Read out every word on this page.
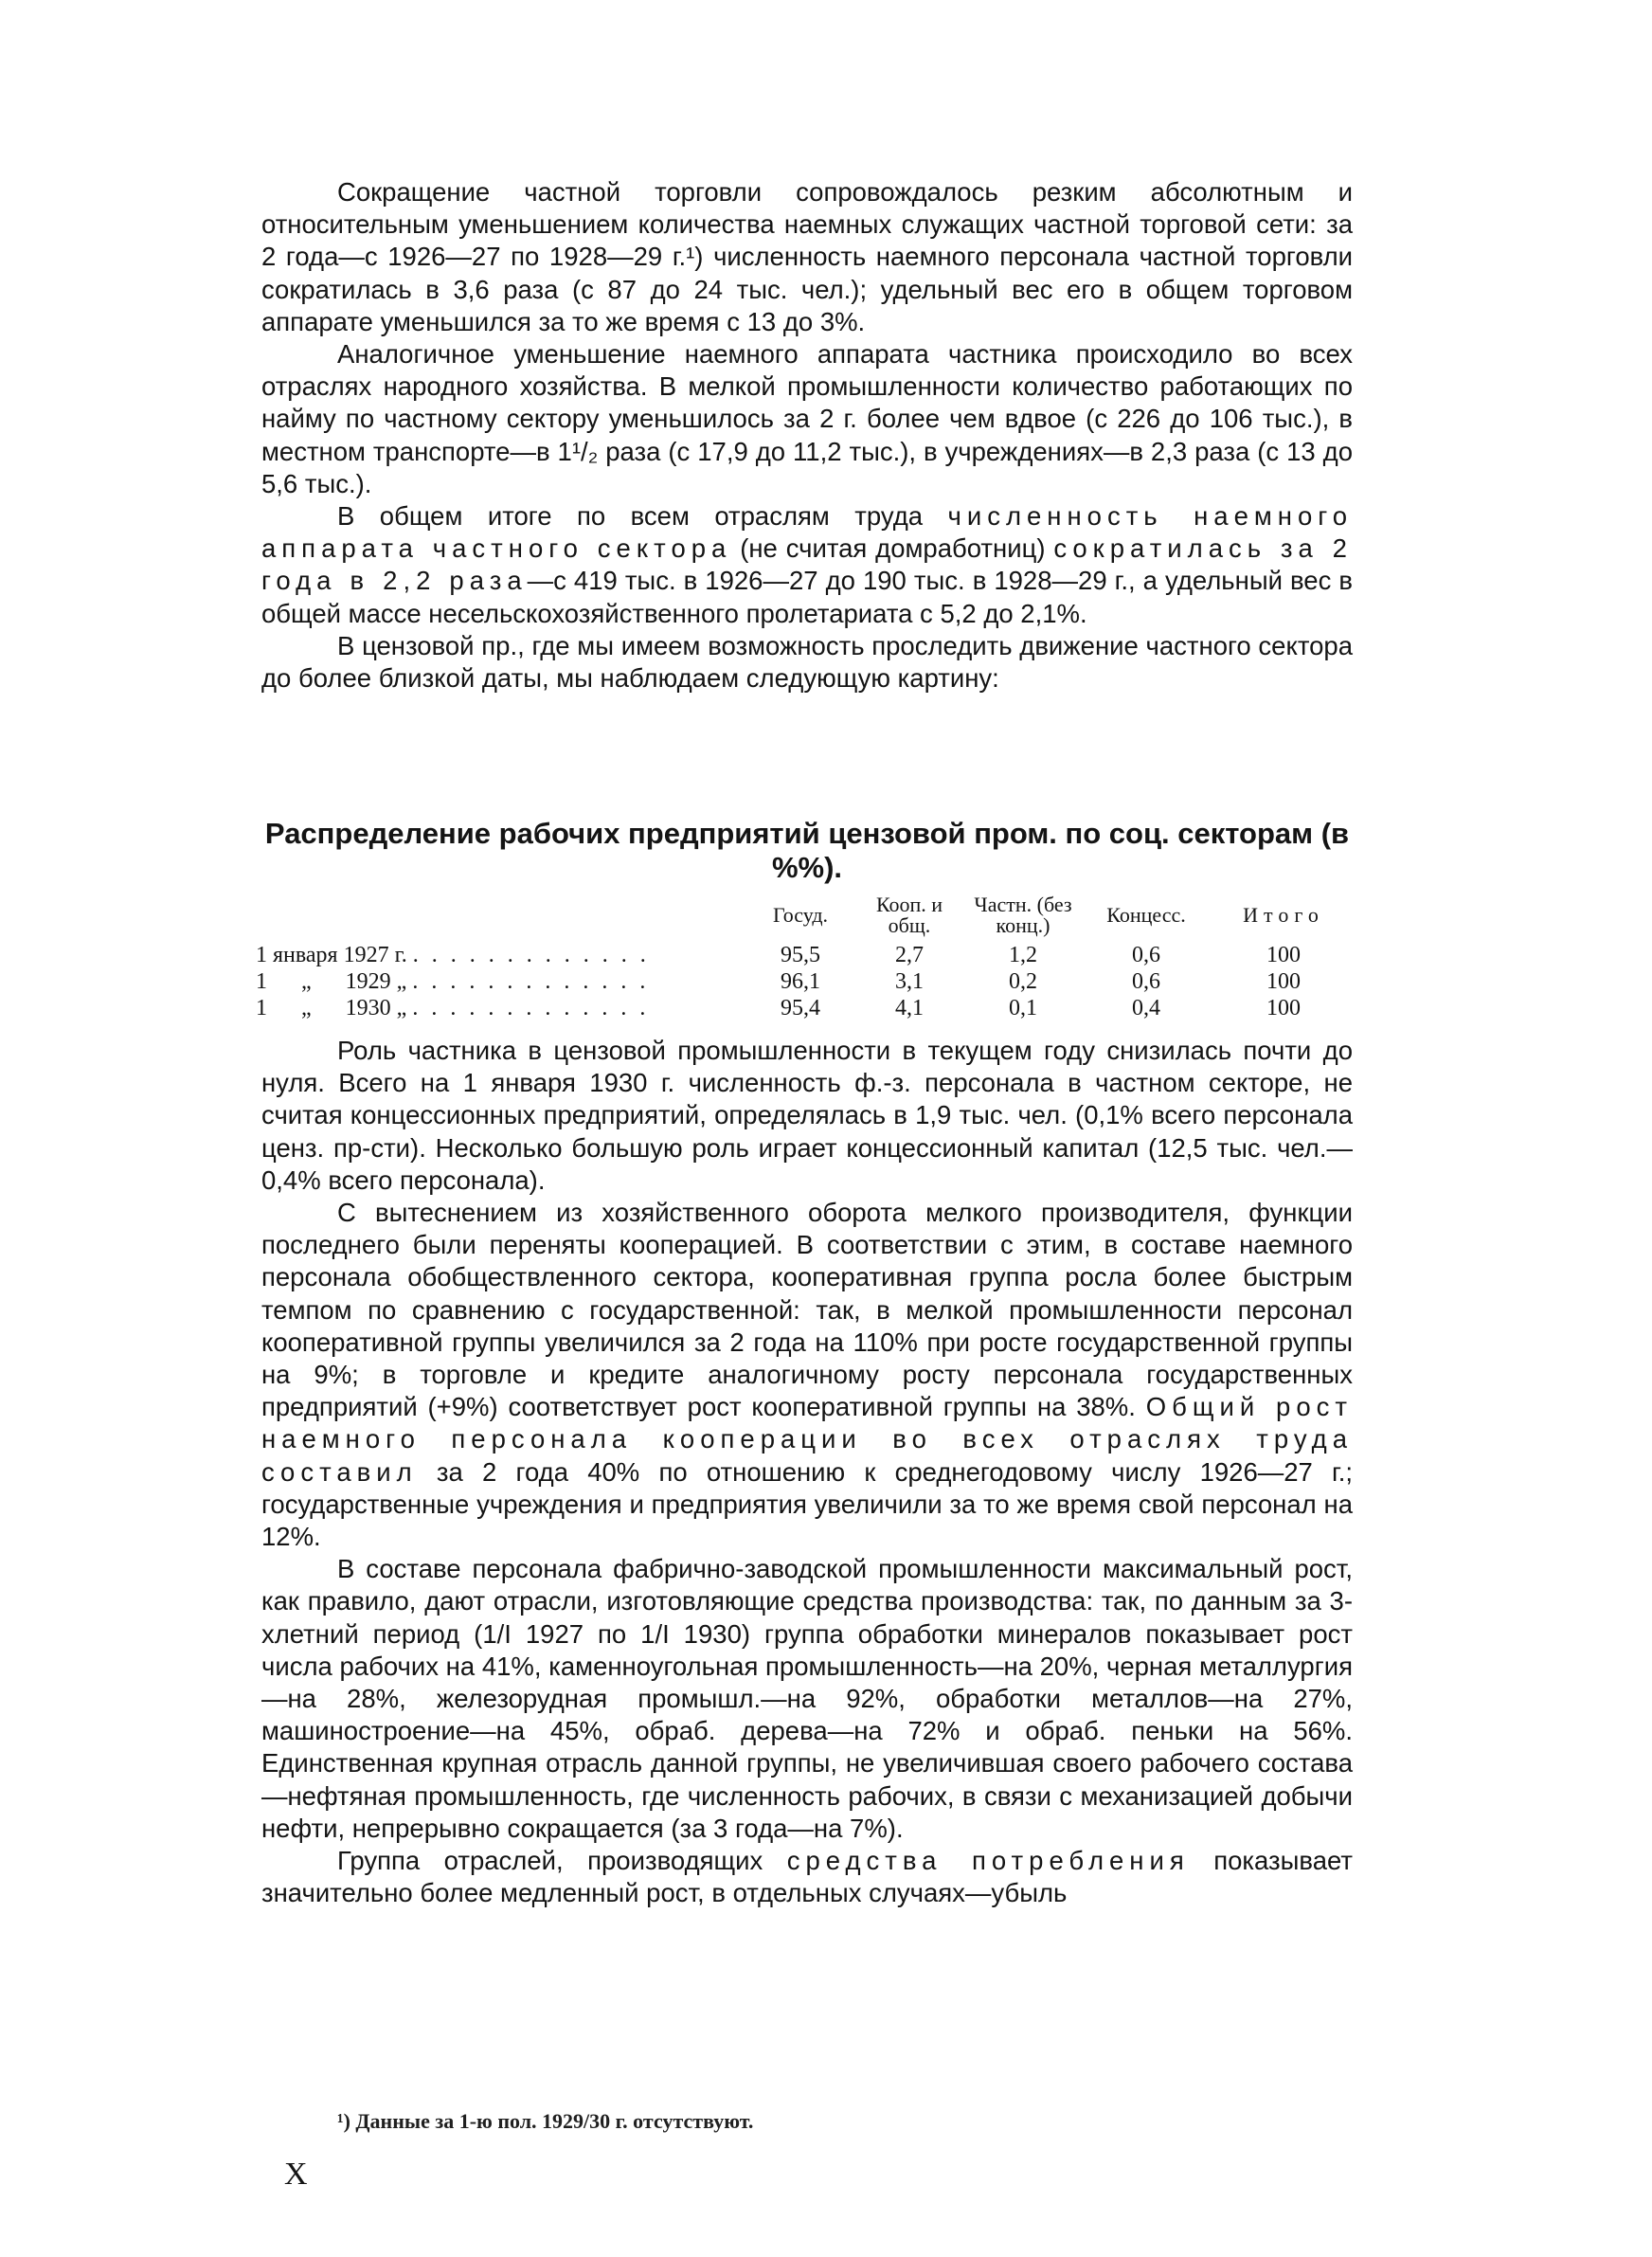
Сокращение частной торговли сопровождалось резким абсолютным и относительным уменьшением количества наемных служащих частной торговой сети: за 2 года—с 1926—27 по 1928—29 г.¹) численность наемного персонала частной торговли сократилась в 3,6 раза (с 87 до 24 тыс. чел.); удельный вес его в общем торговом аппарате уменьшился за то же время с 13 до 3%.

Аналогичное уменьшение наемного аппарата частника происходило во всех отраслях народного хозяйства. В мелкой промышленности количество работающих по найму по частному сектору уменьшилось за 2 г. более чем вдвое (с 226 до 106 тыс.), в местном транспорте—в 1¹/₂ раза (с 17,9 до 11,2 тыс.), в учреждениях—в 2,3 раза (с 13 до 5,6 тыс.).

В общем итоге по всем отраслям труда численность наемного аппарата частного сектора (не считая домработниц) сократилась за 2 года в 2,2 раза—с 419 тыс. в 1926—27 до 190 тыс. в 1928—29 г., а удельный вес в общей массе несельскохозяйственного пролетариата с 5,2 до 2,1%.

В цензовой пр., где мы имеем возможность проследить движение частного сектора до более близкой даты, мы наблюдаем следующую картину:

Распределение рабочих предприятий цензовой пром. по соц. секторам (в %%).
	Госуд.	Кооп. и общ.	Частн. (без конц.)	Концесс.	Итого
1 января 1927 г. . . . . . . . . . . . . .	95,5	2,7	1,2	0,6	100
1      „      1929 „ . . . . . . . . . . . . .	96,1	3,1	0,2	0,6	100
1      „      1930 „ . . . . . . . . . . . . .	95,4	4,1	0,1	0,4	100

Роль частника в цензовой промышленности в текущем году снизилась почти до нуля. Всего на 1 января 1930 г. численность ф.-з. персонала в частном секторе, не считая концессионных предприятий, определялась в 1,9 тыс. чел. (0,1% всего персонала ценз. пр-сти). Несколько большую роль играет концессионный капитал (12,5 тыс. чел.—0,4% всего персонала).

С вытеснением из хозяйственного оборота мелкого производителя, функции последнего были переняты кооперацией. В соответствии с этим, в составе наемного персонала обобществленного сектора, кооперативная группа росла более быстрым темпом по сравнению с государственной: так, в мелкой промышленности персонал кооперативной группы увеличился за 2 года на 110% при росте государственной группы на 9%; в торговле и кредите аналогичному росту персонала государственных предприятий (+9%) соответствует рост кооперативной группы на 38%. Общий рост наемного персонала кооперации во всех отраслях труда составил за 2 года 40% по отношению к среднегодовому числу 1926—27 г.; государственные учреждения и предприятия увеличили за то же время свой персонал на 12%.

В составе персонала фабрично-заводской промышленности максимальный рост, как правило, дают отрасли, изготовляющие средства производства: так, по данным за 3-хлетний период (1/I 1927 по 1/I 1930) группа обработки минералов показывает рост числа рабочих на 41%, каменноугольная промышленность—на 20%, черная металлургия—на 28%, железорудная промышл.—на 92%, обработки металлов—на 27%, машиностроение—на 45%, обраб. дерева—на 72% и обраб. пеньки на 56%. Единственная крупная отрасль данной группы, не увеличившая своего рабочего состава—нефтяная промышленность, где численность рабочих, в связи с механизацией добычи нефти, непрерывно сокращается (за 3 года—на 7%).

Группа отраслей, производящих средства потребления показывает значительно более медленный рост, в отдельных случаях—убыль

¹) Данные за 1-ю пол. 1929/30 г. отсутствуют.
X
